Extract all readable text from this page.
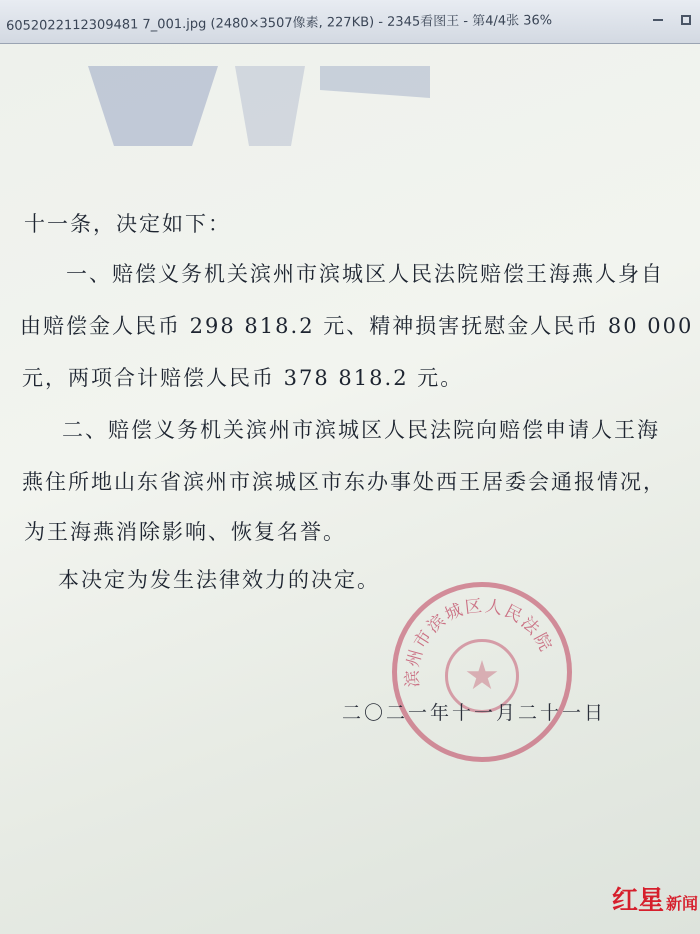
6052022112309481 7_001.jpg (2480×3507像素, 227KB) - 2345看图王 - 第4/4张 36%
十一条，决定如下：
一、赔偿义务机关滨州市滨城区人民法院赔偿王海燕人身自
由赔偿金人民币 298 818.2 元、精神损害抚慰金人民币 80 000
元，两项合计赔偿人民币 378 818.2 元。
二、赔偿义务机关滨州市滨城区人民法院向赔偿申请人王海
燕住所地山东省滨州市滨城区市东办事处西王居委会通报情况，
为王海燕消除影响、恢复名誉。
本决定为发生法律效力的决定。
滨州市滨城区人民法院
二〇二一年十一月二十一日
红星 新闻
